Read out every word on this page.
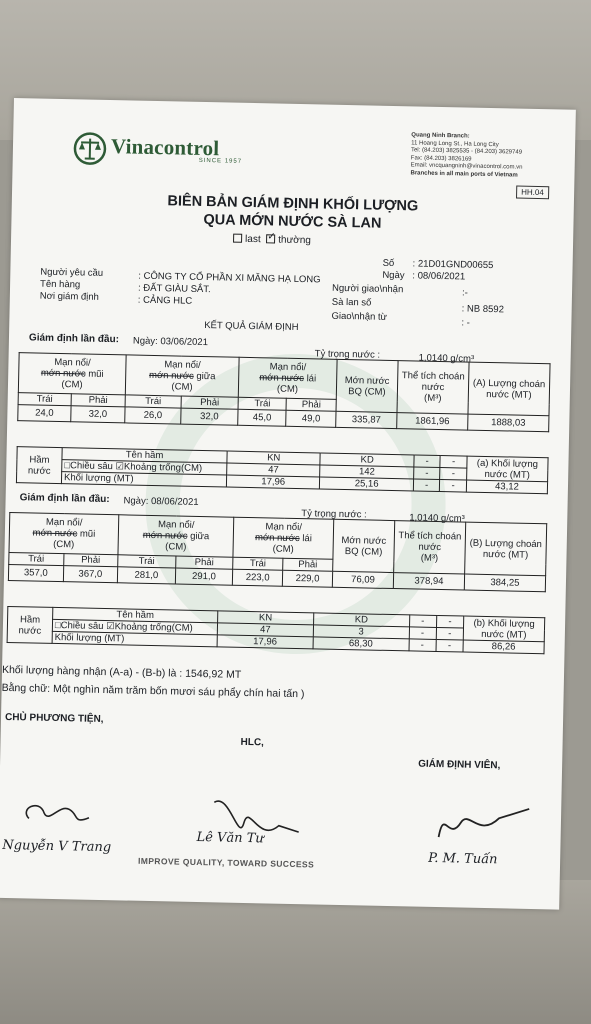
Vinacontrol
SINCE 1957
Quang Ninh Branch:
11 Hoang Long St., Ha Long City
Tel: (84.203) 3825535 - (84.203) 3629749
Fax: (84.203) 3826169
Email: vncquangninh@vinacontrol.com.vn
Branches in all main ports of Vietnam
HH.04
BIÊN BẢN GIÁM ĐỊNH KHỐI LƯỢNG
QUA MỚN NƯỚC SÀ LAN
last ✓ thường
Số : 21D01GND00655
Ngày : 08/06/2021
Người yêu cầu	: CÔNG TY CỔ PHẦN XI MĂNG HẠ LONG
Tên hàng	: ĐẤT GIÀU SẮT.
Nơi giám định	: CẢNG HLC
Người giao\nhận	:-
Sà lan số
: NB 8592
Giao\nhận từ
: -
KẾT QUẢ GIÁM ĐỊNH
Giám định lần đầu: Ngày: 03/06/2021
Tỷ trọng nước :	1,0140 g/cm³
Mạn nổi/
mớn nước mũi
(CM)		Mạn nổi/
mớn nước giữa
(CM)		Mạn nổi/
mớn nước lái
(CM)		Mớn nước BQ (CM)	Thể tích choán nước
(M³)	(A) Lượng choán nước (MT)
Trái	Phải	Trái	Phải	Trái	Phải			
24,0	32,0	26,0	32,0	45,0	49,0	335,87	1861,96	1888,03
Hầm
nước	Tên hầm	KN	KD	-	-	(a) Khối lượng nước (MT)
	□Chiều sâu ☑Khoảng trống(CM)	47	142	-	-	
	Khối lượng (MT)	17,96	25,16	-	-	43,12
Giám định lần đầu: Ngày: 08/06/2021
Tỷ trọng nước :	1,0140 g/cm³
Mạn nổi/
mớn nước mũi
(CM)		Mạn nổi/
mớn nước giữa
(CM)		Mạn nổi/
mớn nước lái
(CM)		Mớn nước BQ (CM)	Thể tích choán nước
(M³)	(B) Lượng choán nước (MT)
Trái	Phải	Trái	Phải	Trái	Phải			
357,0	367,0	281,0	291,0	223,0	229,0	76,09	378,94	384,25
Hầm
nước	Tên hầm	KN	KD	-	-	(b) Khối lượng nước (MT)
	□Chiều sâu ☑Khoảng trống(CM)	47	3	-	-	
	Khối lượng (MT)	17,96	68,30	-	-	86,26
Khối lượng hàng nhận (A-a) - (B-b) là : 1546,92 MT
Bằng chữ: Một nghìn năm trăm bốn mươi sáu phẩy chín hai tấn )
CHỦ PHƯƠNG TIỆN,
HLC,
GIÁM ĐỊNH VIÊN,
Nguyễn V Trang	Lê Văn Tư
P. M. Tuấn
IMPROVE QUALITY, TOWARD SUCCESS
